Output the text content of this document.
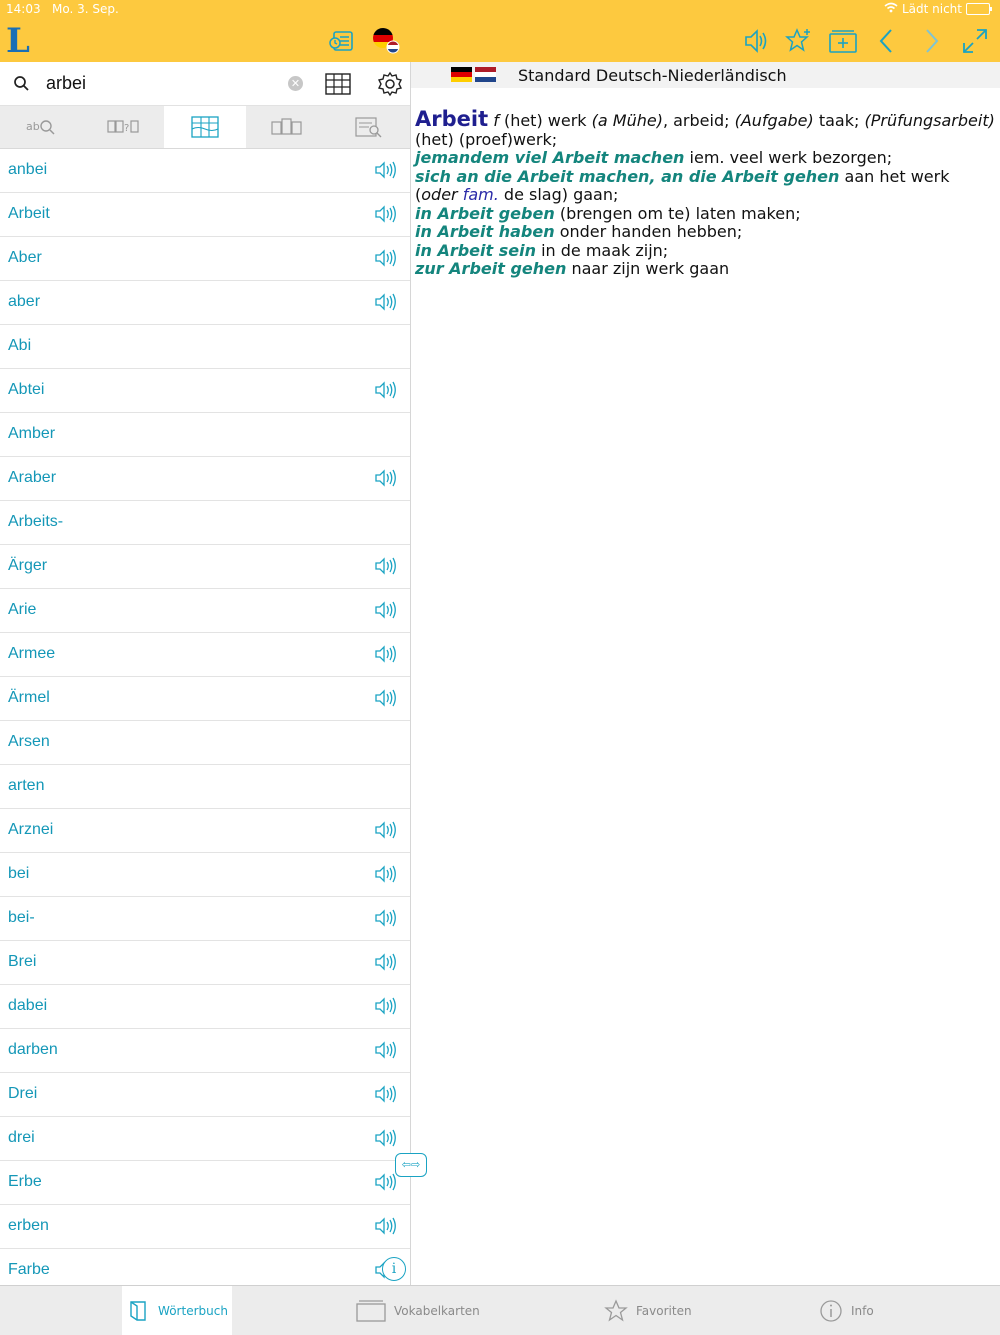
14:03 Mo. 3. Sep.	Lädt nicht
L
arbei
✕
ab	?
anbei
Arbeit
Aber
aber
Abi
Abtei
Amber
Araber
Arbeits-
Ärger
Arie
Armee
Ärmel
Arsen
arten
Arznei
bei
bei-
Brei
dabei
darben
Drei
drei
Erbe
erben
Farbe
⇦⇨
i
Standard Deutsch-Niederländisch
Arbeit f (het) werk (a Mühe), arbeid; (Aufgabe) taak; (Prüfungsarbeit) (het) (proef)werk;
jemandem viel Arbeit machen iem. veel werk bezorgen;
sich an die Arbeit machen, an die Arbeit gehen aan het werk (oder fam. de slag) gaan;
in Arbeit geben (brengen om te) laten maken;
in Arbeit haben onder handen hebben;
in Arbeit sein in de maak zijn;
zur Arbeit gehen naar zijn werk gaan
Wörterbuch	Vokabelkarten	Favoriten	Info
